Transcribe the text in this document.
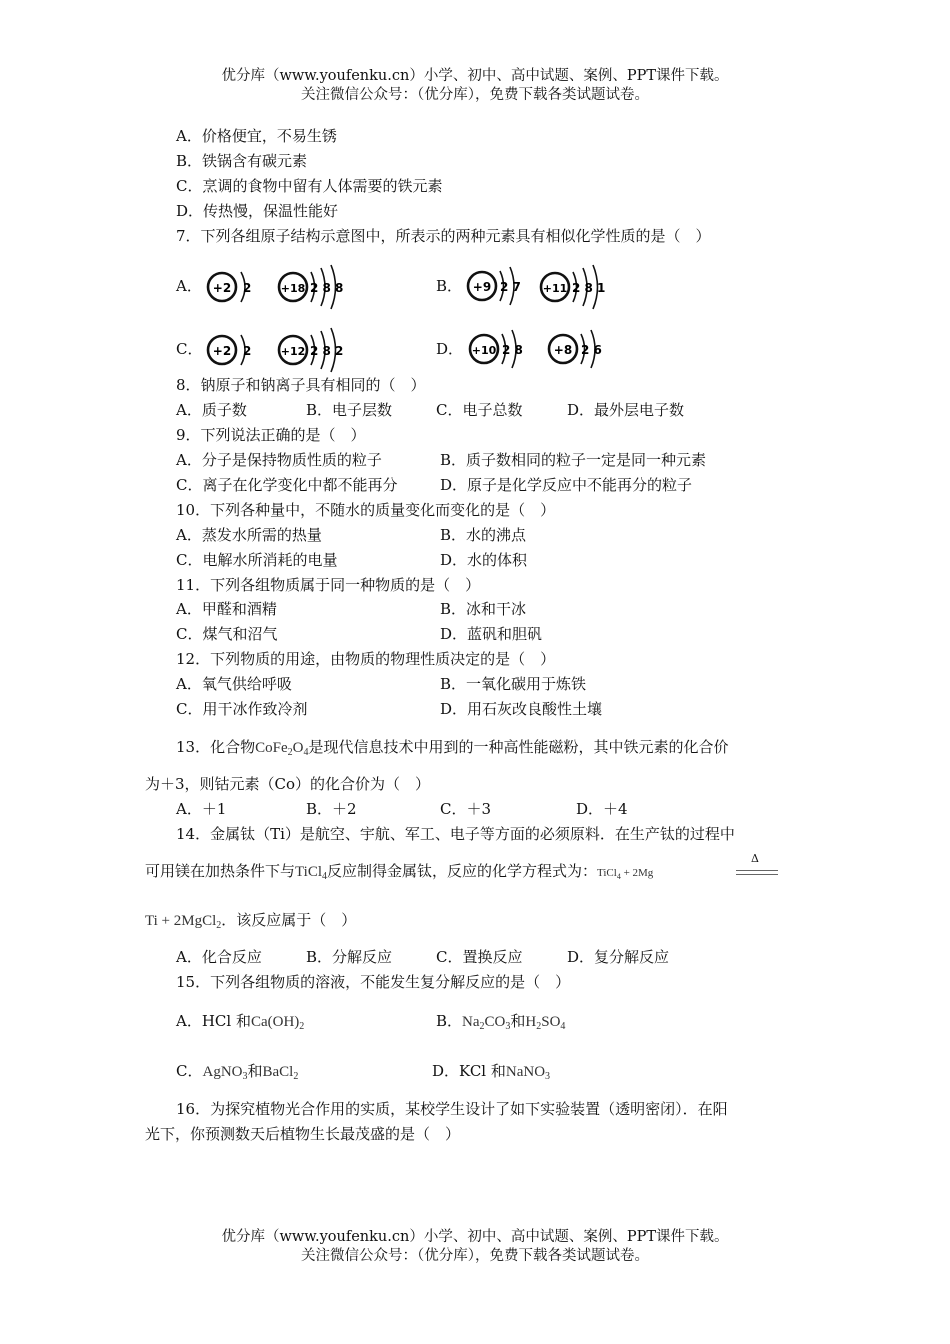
优分库（www.youfenku.cn）小学、初中、高中试题、案例、PPT课件下载。
关注微信公众号：（优分库），免费下载各类试题试卷。
A．价格便宜，不易生锈
B．铁锅含有碳元素
C．烹调的食物中留有人体需要的铁元素
D．传热慢，保温性能好
7．下列各组原子结构示意图中，所表示的两种元素具有相似化学性质的是（　）
A．	B．
C．	D．
+2 2	+18 2 8 8	+9 2 7 +11 2 8 1
+2 2	+12 2 8 2	+10 2 8	+8 2 6
8．钠原子和钠离子具有相同的（　）
A．质子数	B．电子层数	C．电子总数	D．最外层电子数
9．下列说法正确的是（　）
A．分子是保持物质性质的粒子	B．质子数相同的粒子一定是同一种元素
C．离子在化学变化中都不能再分	D．原子是化学反应中不能再分的粒子
10．下列各种量中，不随水的质量变化而变化的是（　）
A．蒸发水所需的热量	B．水的沸点
C．电解水所消耗的电量	D．水的体积
11．下列各组物质属于同一种物质的是（　）
A．甲醛和酒精	B．冰和干冰
C．煤气和沼气	D．蓝矾和胆矾
12．下列物质的用途，由物质的物理性质决定的是（　）
A．氧气供给呼吸	B．一氧化碳用于炼铁
C．用干冰作致冷剂	D．用石灰改良酸性土壤
13．化合物$CoFe_2O_4$是现代信息技术中用到的一种高性能磁粉，其中铁元素的化合价
为＋3，则钴元素（Co）的化合价为（　）
A．＋1	B．＋2	C．＋3	D．＋4
14．金属钛（Ti）是航空、宇航、军工、电子等方面的必须原料．在生产钛的过程中
可用镁在加热条件下与TiCl$_4$反应制得金属钛，反应的化学方程式为：TiCl$_4$ + 2Mg
Δ
Ti + 2MgCl$_2$．该反应属于（　）
A．化合反应	B．分解反应	C．置换反应	D．复分解反应
15．下列各组物质的溶液，不能发生复分解反应的是（　）
A．HCl 和$Ca(OH)_2$	B．$Na_2CO_3$和$H_2SO_4$
C．AgNO$_3$和BaCl$_2$	D．KCl 和NaNO$_3$
16．为探究植物光合作用的实质，某校学生设计了如下实验装置（透明密闭）．在阳
光下，你预测数天后植物生长最茂盛的是（　）
优分库（www.youfenku.cn）小学、初中、高中试题、案例、PPT课件下载。
关注微信公众号：（优分库），免费下载各类试题试卷。
